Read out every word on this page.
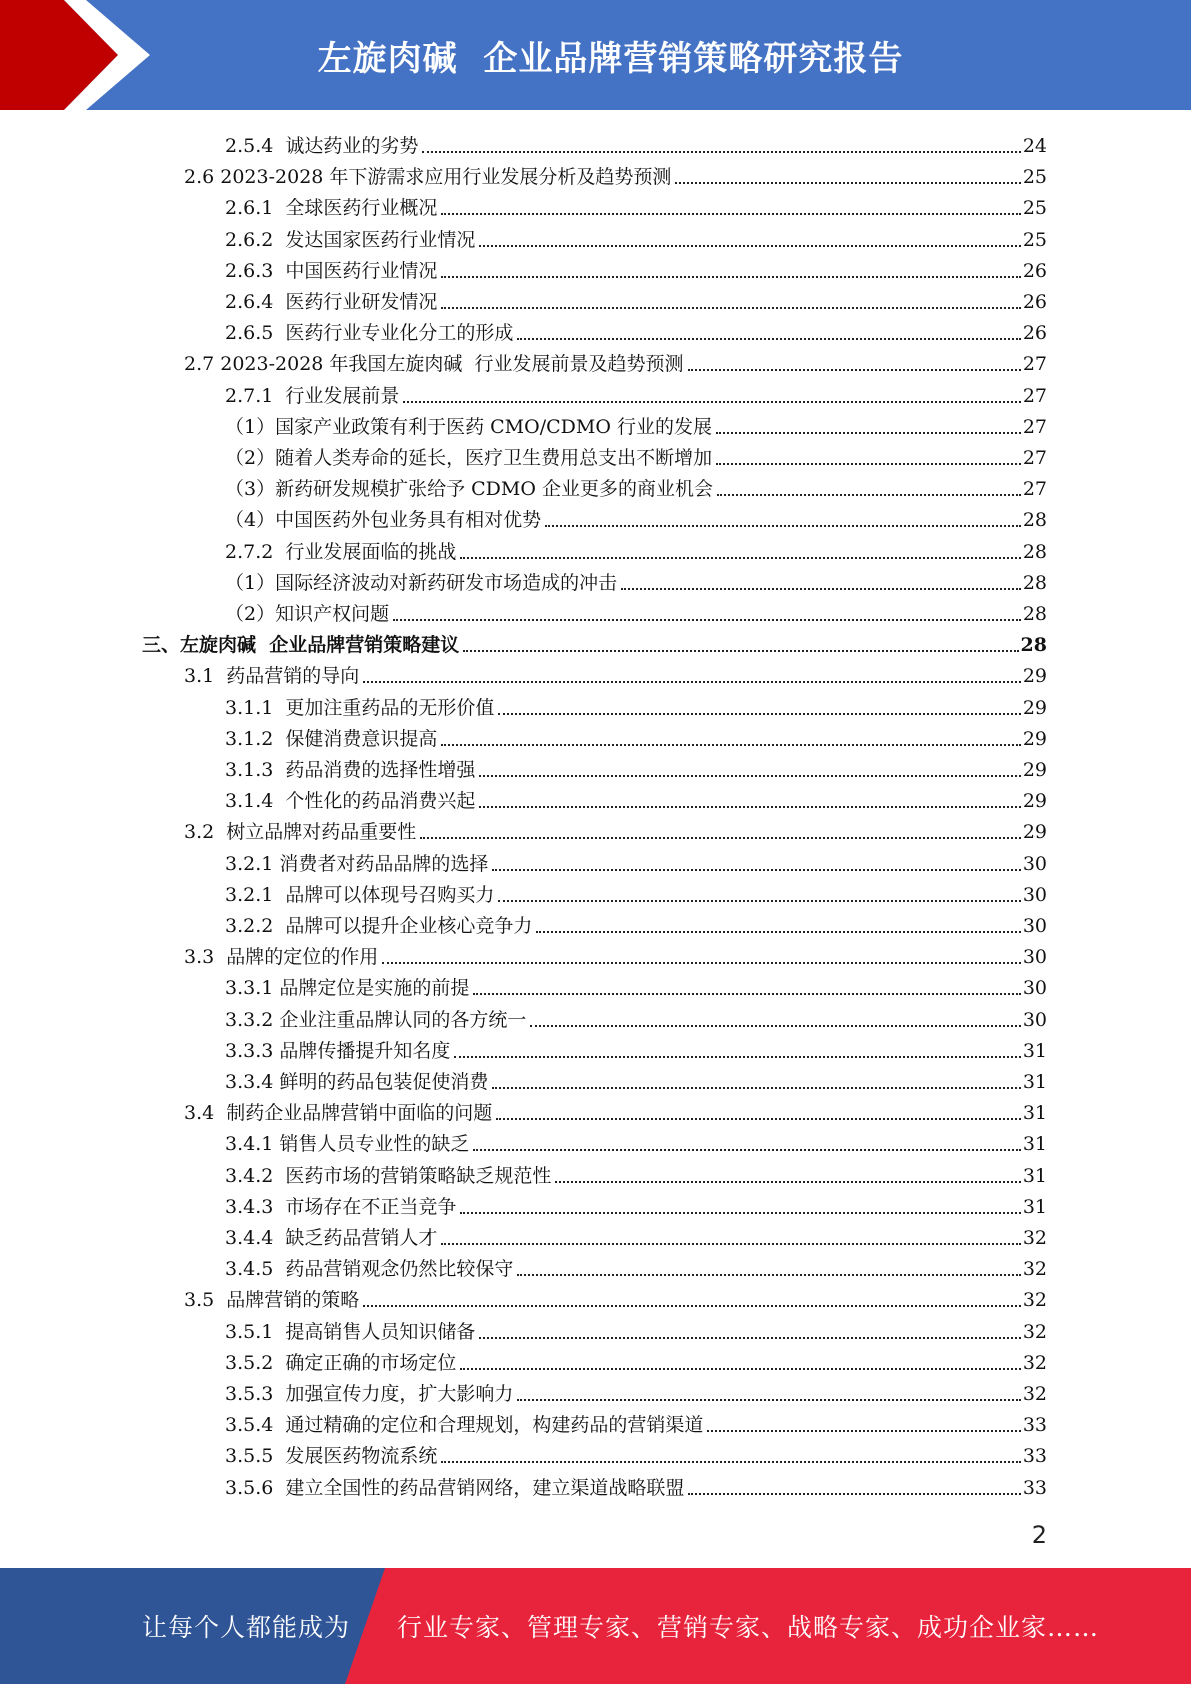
左旋肉碱  企业品牌营销策略研究报告
2.5.4  诚达药业的劣势	24
2.6 2023-2028 年下游需求应用行业发展分析及趋势预测	25
2.6.1  全球医药行业概况	25
2.6.2  发达国家医药行业情况	25
2.6.3  中国医药行业情况	26
2.6.4  医药行业研发情况	26
2.6.5  医药行业专业化分工的形成	26
2.7 2023-2028 年我国左旋肉碱  行业发展前景及趋势预测	27
2.7.1  行业发展前景	27
（1）国家产业政策有利于医药 CMO/CDMO 行业的发展	27
（2）随着人类寿命的延长，医疗卫生费用总支出不断增加	27
（3）新药研发规模扩张给予 CDMO 企业更多的商业机会	27
（4）中国医药外包业务具有相对优势	28
2.7.2  行业发展面临的挑战	28
（1）国际经济波动对新药研发市场造成的冲击	28
（2）知识产权问题	28
三、左旋肉碱  企业品牌营销策略建议	28
3.1  药品营销的导向	29
3.1.1  更加注重药品的无形价值	29
3.1.2  保健消费意识提高	29
3.1.3  药品消费的选择性增强	29
3.1.4  个性化的药品消费兴起	29
3.2  树立品牌对药品重要性	29
3.2.1 消费者对药品品牌的选择	30
3.2.1  品牌可以体现号召购买力	30
3.2.2  品牌可以提升企业核心竞争力	30
3.3  品牌的定位的作用	30
3.3.1 品牌定位是实施的前提	30
3.3.2 企业注重品牌认同的各方统一	30
3.3.3 品牌传播提升知名度	31
3.3.4 鲜明的药品包装促使消费	31
3.4  制药企业品牌营销中面临的问题	31
3.4.1 销售人员专业性的缺乏	31
3.4.2  医药市场的营销策略缺乏规范性	31
3.4.3  市场存在不正当竞争	31
3.4.4  缺乏药品营销人才	32
3.4.5  药品营销观念仍然比较保守	32
3.5  品牌营销的策略	32
3.5.1  提高销售人员知识储备	32
3.5.2  确定正确的市场定位	32
3.5.3  加强宣传力度，扩大影响力	32
3.5.4  通过精确的定位和合理规划，构建药品的营销渠道	33
3.5.5  发展医药物流系统	33
3.5.6  建立全国性的药品营销网络，建立渠道战略联盟	33
2
让每个人都能成为 行业专家、管理专家、营销专家、战略专家、成功企业家……
